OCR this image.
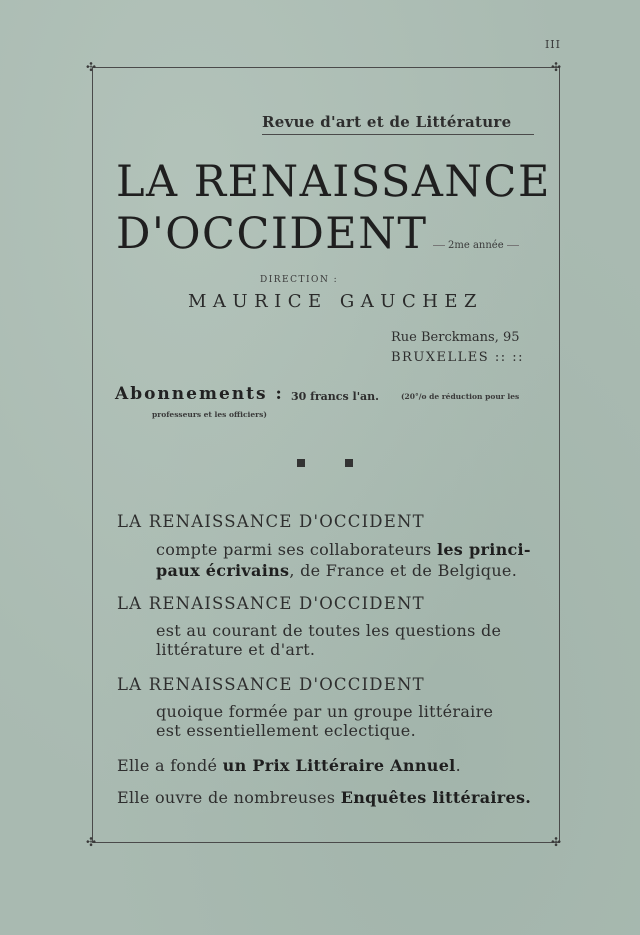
III
✣	✣
✣	✣
Revue d'art et de Littérature
LA RENAISSANCE
D'OCCIDENT	2me année
DIRECTION :
MAURICE GAUCHEZ
Rue Berckmans, 95
BRUXELLES :: ::
Abonnements : 30 francs l'an.	(20°/o de réduction pour les
professeurs et les officiers)
LA RENAISSANCE D'OCCIDENT
compte parmi ses collaborateurs les princi-
paux écrivains, de France et de Belgique.
LA RENAISSANCE D'OCCIDENT
est au courant de toutes les questions de
littérature et d'art.
LA RENAISSANCE D'OCCIDENT
quoique formée par un groupe littéraire
est essentiellement eclectique.
Elle a fondé un Prix Littéraire Annuel.
Elle ouvre de nombreuses Enquêtes littéraires.
